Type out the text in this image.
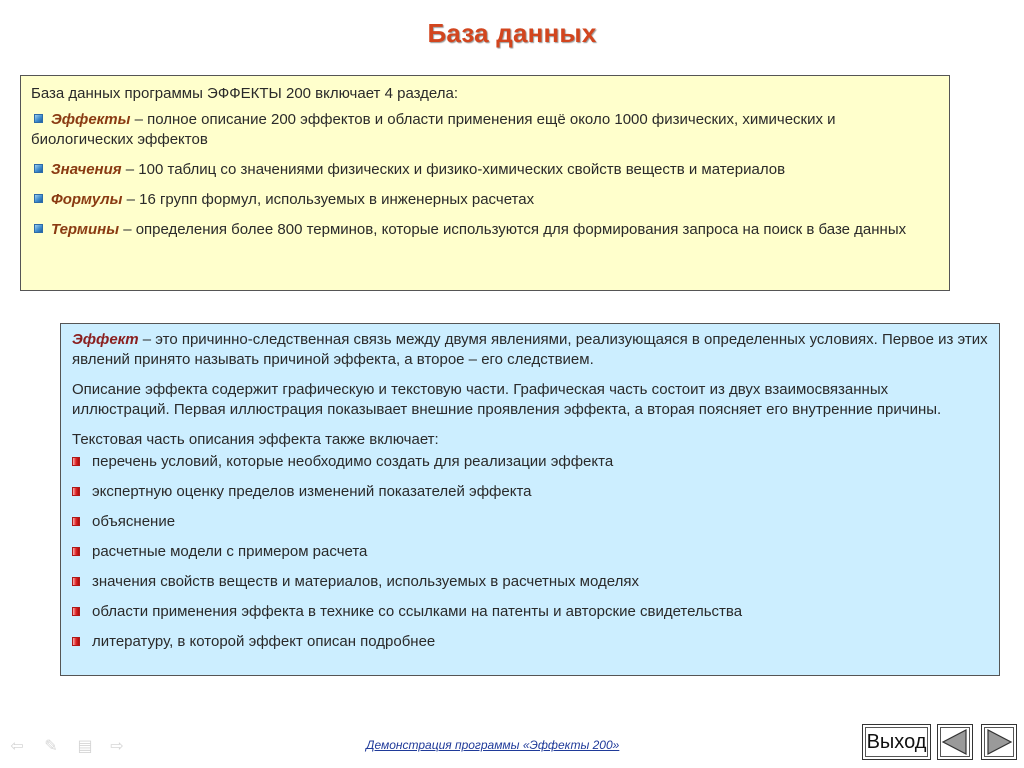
База данных
База данных программы ЭФФЕКТЫ 200 включает 4 раздела:
Эффекты – полное описание 200 эффектов и области применения ещё около 1000 физических, химических и биологических эффектов
Значения – 100 таблиц со значениями физических и физико-химических свойств веществ и материалов
Формулы – 16 групп формул, используемых в инженерных расчетах
Термины – определения более 800 терминов, которые используются для формирования запроса на поиск в базе данных

Эффект – это причинно-следственная связь между двумя явлениями, реализующаяся в определенных условиях. Первое из этих явлений принято называть причиной эффекта, а второе – его следствием.

Описание эффекта содержит графическую и текстовую части. Графическая часть состоит из двух взаимосвязанных иллюстраций. Первая иллюстрация показывает внешние проявления эффекта, а вторая поясняет его внутренние причины.

Текстовая часть описания эффекта также включает:

перечень условий, которые необходимо создать для реализации эффекта
экспертную оценку пределов изменений показателей эффекта
объяснение
расчетные модели с примером расчета
значения свойств веществ и материалов, используемых в расчетных моделях
области применения эффекта в технике со ссылками на патенты и авторские свидетельства
литературу, в которой эффект описан подробнее
⇦ ✎ ▤ ⇨	Демонстрация программы «Эффекты 200»	Выход
